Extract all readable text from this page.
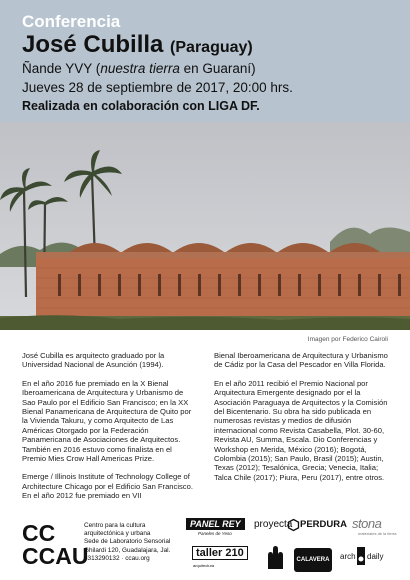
Conferencia
José Cubilla (Paraguay)
Ñande YVY (nuestra tierra en Guaraní)
Jueves 28 de septiembre de 2017, 20:00 hrs.
Realizada en colaboración con LIGA DF.
Imagen por Federico Cairoli

José Cubilla es arquitecto graduado por la Universidad Nacional de Asunción (1994).

En el año 2016 fue premiado en la X Bienal Iberoamericana de Arquitectura y Urbanismo de Sao Paulo por el Edificio San Francisco; en la XX Bienal Panamericana de Arquitectura de Quito por la Vivienda Takuru, y como Arquitecto de Las Américas Otorgado por la Federación Panamericana de Asociaciones de Arquitectos. También en 2016 estuvo como finalista en el Premio Mies Crow Hall Americas Prize.

Emerge / Illinois Institute of Technology College of Architecture Chicago por el Edificio San Francisco. En el año 2012 fue premiado en VII

Bienal Iberoamericana de Arquitectura y Urbanismo de Cádiz por la Casa del Pescador en Villa Florida.

En el año 2011 recibió el Premio Nacional por Arquitectura Emergente designado por el la Asociación Paraguaya de Arquitectos y la Comisión del Bicentenario. Su obra ha sido publicada en numerosas revistas y medios de difusión internacional como Revista Casabella, Plot. 30-60, Revista AU, Summa, Escala. Dio Conferencias y Workshop en Merida, México (2016); Bogotá, Colombia (2015); San Paulo, Brasil (2015); Austin, Texas (2012); Tesalónica, Grecia; Venecia, Italia; Talca Chile (2017); Piura, Peru (2017), entre otros.

CC
CCAU
Centro para la cultura
arquitectónica y urbana
Sede de Laboratorio Sensorial
Ghilardi 120, Guadalajara, Jal.
3313290132 · ccau.org
PANEL REY
Paneles de Yeso
proyecta PERDURA stona
materiales de la tierra
taller 210
arquitectura
CALAVERA	arch daily
